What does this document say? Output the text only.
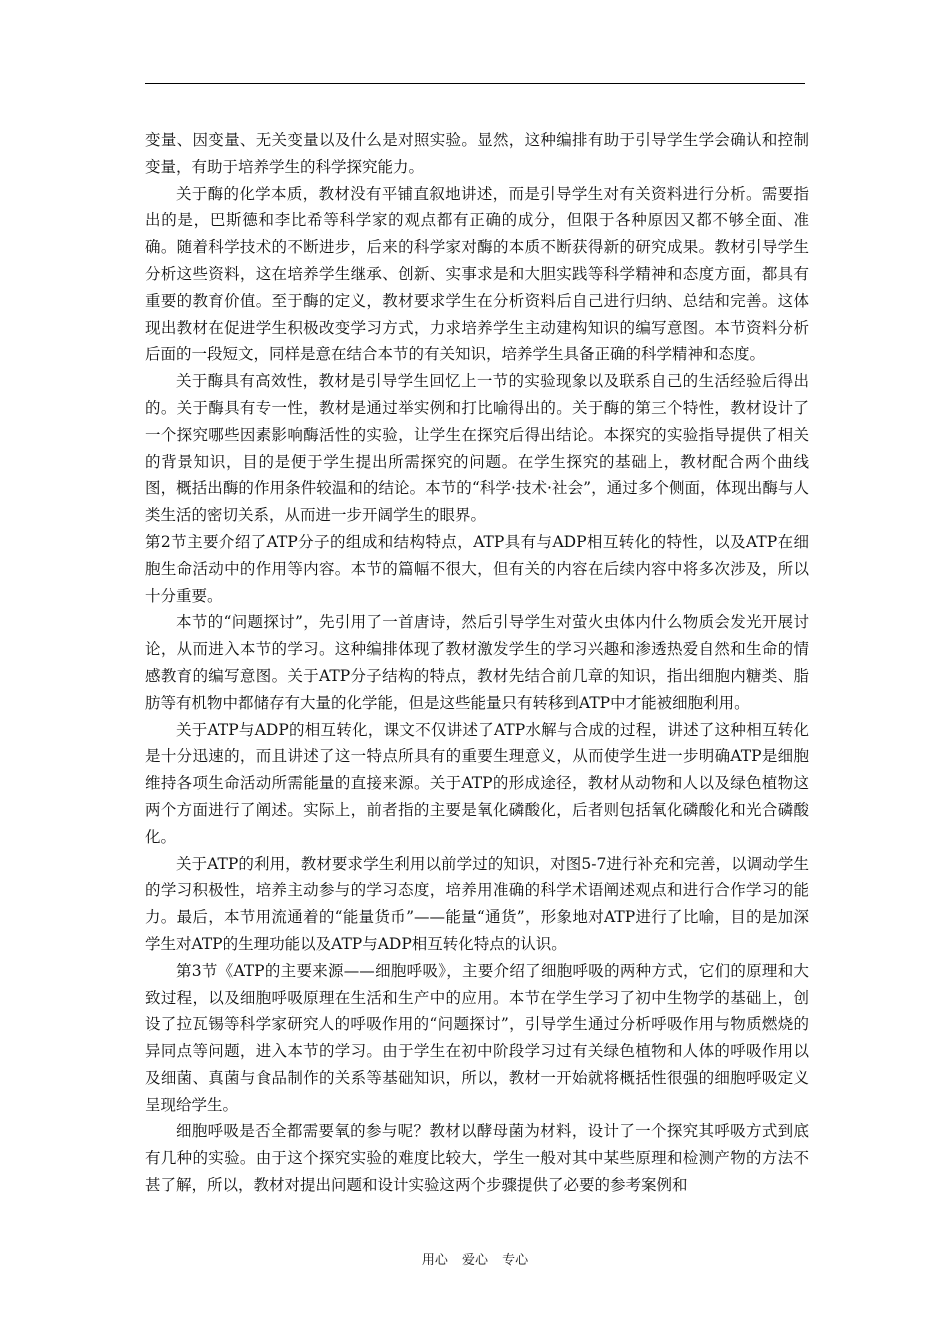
变量、因变量、无关变量以及什么是对照实验。显然，这种编排有助于引导学生学会确认和控制变量，有助于培养学生的科学探究能力。

关于酶的化学本质，教材没有平铺直叙地讲述，而是引导学生对有关资料进行分析。需要指出的是，巴斯德和李比希等科学家的观点都有正确的成分，但限于各种原因又都不够全面、准确。随着科学技术的不断进步，后来的科学家对酶的本质不断获得新的研究成果。教材引导学生分析这些资料，这在培养学生继承、创新、实事求是和大胆实践等科学精神和态度方面，都具有重要的教育价值。至于酶的定义，教材要求学生在分析资料后自己进行归纳、总结和完善。这体现出教材在促进学生积极改变学习方式，力求培养学生主动建构知识的编写意图。本节资料分析后面的一段短文，同样是意在结合本节的有关知识，培养学生具备正确的科学精神和态度。

关于酶具有高效性，教材是引导学生回忆上一节的实验现象以及联系自己的生活经验后得出的。关于酶具有专一性，教材是通过举实例和打比喻得出的。关于酶的第三个特性，教材设计了一个探究哪些因素影响酶活性的实验，让学生在探究后得出结论。本探究的实验指导提供了相关的背景知识，目的是便于学生提出所需探究的问题。在学生探究的基础上，教材配合两个曲线图，概括出酶的作用条件较温和的结论。本节的“科学·技术·社会”，通过多个侧面，体现出酶与人类生活的密切关系，从而进一步开阔学生的眼界。

第2节主要介绍了ATP分子的组成和结构特点，ATP具有与ADP相互转化的特性，以及ATP在细胞生命活动中的作用等内容。本节的篇幅不很大，但有关的内容在后续内容中将多次涉及，所以十分重要。

本节的“问题探讨”，先引用了一首唐诗，然后引导学生对萤火虫体内什么物质会发光开展讨论，从而进入本节的学习。这种编排体现了教材激发学生的学习兴趣和渗透热爱自然和生命的情感教育的编写意图。关于ATP分子结构的特点，教材先结合前几章的知识，指出细胞内糖类、脂肪等有机物中都储存有大量的化学能，但是这些能量只有转移到ATP中才能被细胞利用。

关于ATP与ADP的相互转化，课文不仅讲述了ATP水解与合成的过程，讲述了这种相互转化是十分迅速的，而且讲述了这一特点所具有的重要生理意义，从而使学生进一步明确ATP是细胞维持各项生命活动所需能量的直接来源。关于ATP的形成途径，教材从动物和人以及绿色植物这两个方面进行了阐述。实际上，前者指的主要是氧化磷酸化，后者则包括氧化磷酸化和光合磷酸化。

关于ATP的利用，教材要求学生利用以前学过的知识，对图5-7进行补充和完善，以调动学生的学习积极性，培养主动参与的学习态度，培养用准确的科学术语阐述观点和进行合作学习的能力。最后，本节用流通着的“能量货币”——能量“通货”，形象地对ATP进行了比喻，目的是加深学生对ATP的生理功能以及ATP与ADP相互转化特点的认识。

第3节《ATP的主要来源——细胞呼吸》，主要介绍了细胞呼吸的两种方式，它们的原理和大致过程，以及细胞呼吸原理在生活和生产中的应用。本节在学生学习了初中生物学的基础上，创设了拉瓦锡等科学家研究人的呼吸作用的“问题探讨”，引导学生通过分析呼吸作用与物质燃烧的异同点等问题，进入本节的学习。由于学生在初中阶段学习过有关绿色植物和人体的呼吸作用以及细菌、真菌与食品制作的关系等基础知识，所以，教材一开始就将概括性很强的细胞呼吸定义呈现给学生。

细胞呼吸是否全都需要氧的参与呢？教材以酵母菌为材料，设计了一个探究其呼吸方式到底有几种的实验。由于这个探究实验的难度比较大，学生一般对其中某些原理和检测产物的方法不甚了解，所以，教材对提出问题和设计实验这两个步骤提供了必要的参考案例和

用心 爱心 专心
